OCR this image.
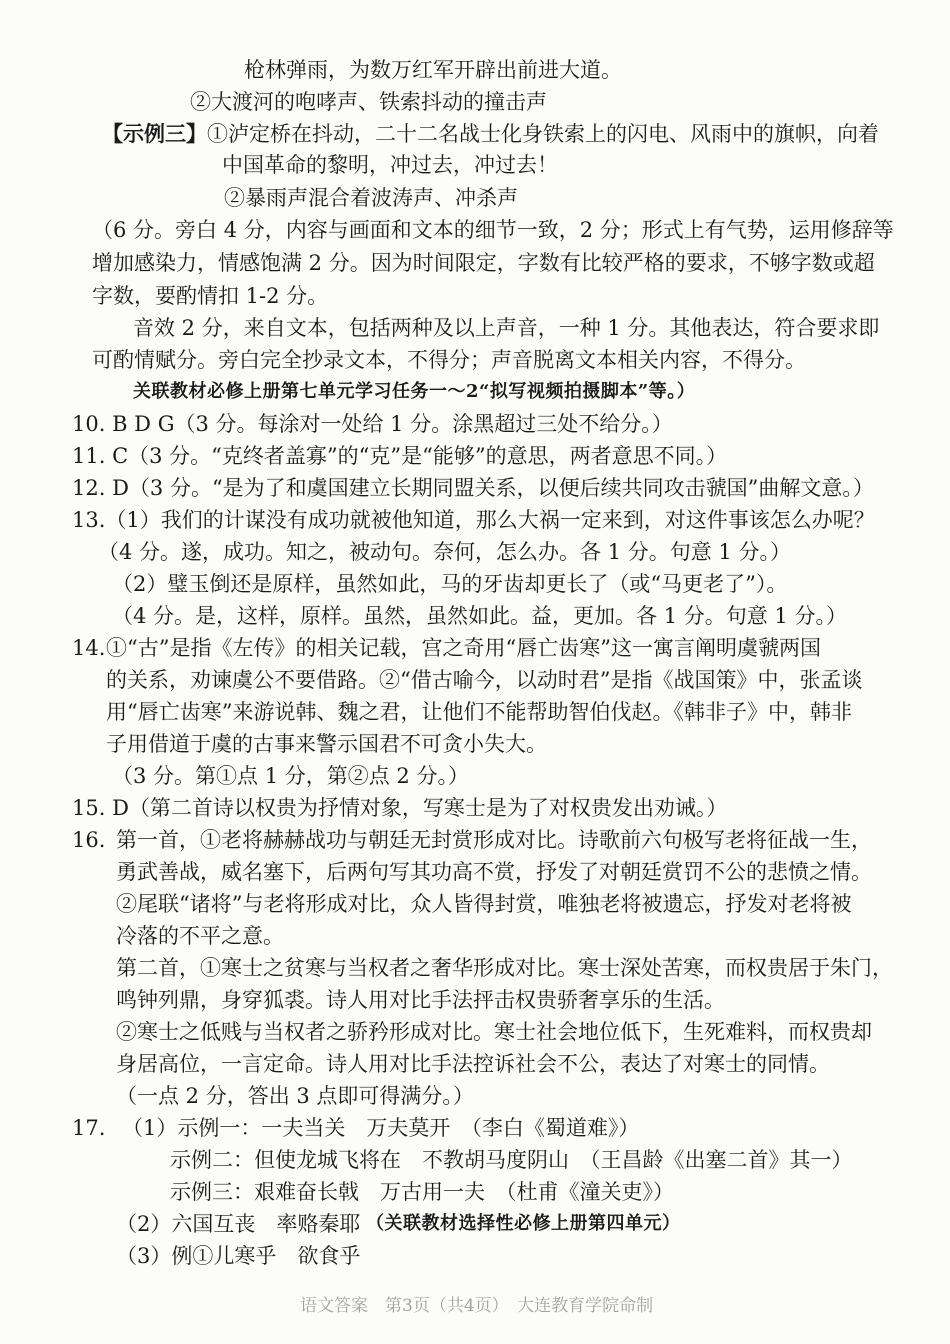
枪林弹雨，为数万红军开辟出前进大道。
②大渡河的咆哮声、铁索抖动的撞击声
【示例三】 ①泸定桥在抖动，二十二名战士化身铁索上的闪电、风雨中的旗帜，向着
中国革命的黎明，冲过去，冲过去！
②暴雨声混合着波涛声、冲杀声
（6 分。旁白 4 分，内容与画面和文本的细节一致，2 分；形式上有气势，运用修辞等
增加感染力，情感饱满 2 分。因为时间限定，字数有比较严格的要求，不够字数或超
字数，要酌情扣 1-2 分。
音效 2 分，来自文本，包括两种及以上声音，一种 1 分。其他表达，符合要求即
可酌情赋分。旁白完全抄录文本，不得分；声音脱离文本相关内容，不得分。
关联教材必修上册第七单元学习任务一～2“拟写视频拍摄脚本”等。）
10. B D G（3 分。每涂对一处给 1 分。涂黑超过三处不给分。）
11. C（3 分。“克终者盖寡”的“克”是“能够”的意思，两者意思不同。）
12. D（3 分。“是为了和虞国建立长期同盟关系，以便后续共同攻击虢国”曲解文意。）
13.（1）我们的计谋没有成功就被他知道，那么大祸一定来到，对这件事该怎么办呢？
（4 分。遂，成功。知之，被动句。奈何，怎么办。各 1 分。句意 1 分。）
（2）璧玉倒还是原样，虽然如此，马的牙齿却更长了（或“马更老了”）。
（4 分。是，这样，原样。虽然，虽然如此。益，更加。各 1 分。句意 1 分。）
14. ①“古”是指《左传》的相关记载，宫之奇用“唇亡齿寒”这一寓言阐明虞虢两国
的关系，劝谏虞公不要借路。②“借古喻今，以动时君”是指《战国策》中，张孟谈
用“唇亡齿寒”来游说韩、魏之君，让他们不能帮助智伯伐赵。《韩非子》中，韩非
子用借道于虞的古事来警示国君不可贪小失大。
（3 分。第①点 1 分，第②点 2 分。）
15. D（第二首诗以权贵为抒情对象，写寒士是为了对权贵发出劝诫。）
16. 第一首，①老将赫赫战功与朝廷无封赏形成对比。诗歌前六句极写老将征战一生，
勇武善战，威名塞下，后两句写其功高不赏，抒发了对朝廷赏罚不公的悲愤之情。
②尾联“诸将”与老将形成对比，众人皆得封赏，唯独老将被遗忘，抒发对老将被
冷落的不平之意。
第二首，①寒士之贫寒与当权者之奢华形成对比。寒士深处苦寒，而权贵居于朱门，
鸣钟列鼎，身穿狐裘。诗人用对比手法抨击权贵骄奢享乐的生活。
②寒士之低贱与当权者之骄矜形成对比。寒士社会地位低下，生死难料，而权贵却
身居高位，一言定命。诗人用对比手法控诉社会不公，表达了对寒士的同情。
（一点 2 分，答出 3 点即可得满分。）
17. （1）示例一：一夫当关　万夫莫开　（李白《蜀道难》）
示例二：但使龙城飞将在　不教胡马度阴山　（王昌龄《出塞二首》其一）
示例三：艰难奋长戟　万古用一夫　（杜甫《潼关吏》）
（2）六国互丧　率赂秦耶 （关联教材选择性必修上册第四单元）
（3）例①儿寒乎　欲食乎
语文答案　第3页（共4页）　大连教育学院命制
